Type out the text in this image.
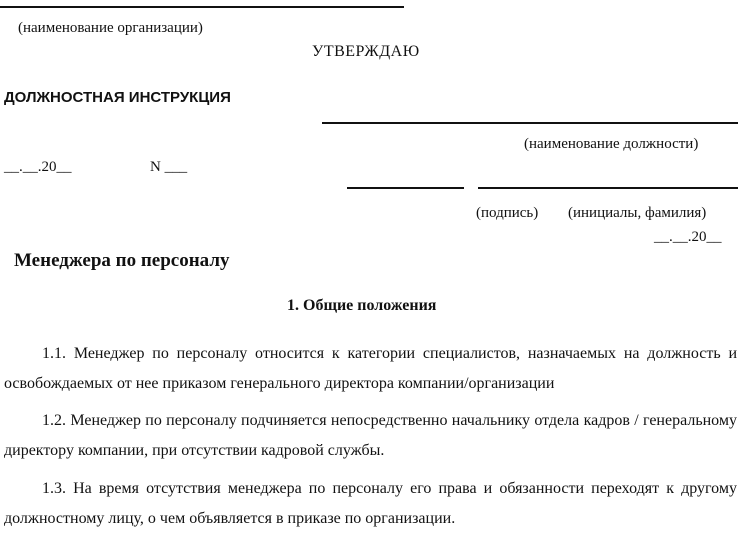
(наименование организации)
УТВЕРЖДАЮ
ДОЛЖНОСТНАЯ ИНСТРУКЦИЯ
(наименование должности)
__.__.20__	N ___
(подпись) (инициалы, фамилия)
__.__.20__
Менеджера по персоналу
1. Общие положения
1.1. Менеджер по персоналу относится к категории специалистов, назначаемых на должность и освобождаемых от нее приказом генерального директора компании/организации
1.2. Менеджер по персоналу подчиняется непосредственно начальнику отдела кадров / генеральному директору компании, при отсутствии кадровой службы.
1.3. На время отсутствия менеджера по персоналу его права и обязанности переходят к другому должностному лицу, о чем объявляется в приказе по организации.
